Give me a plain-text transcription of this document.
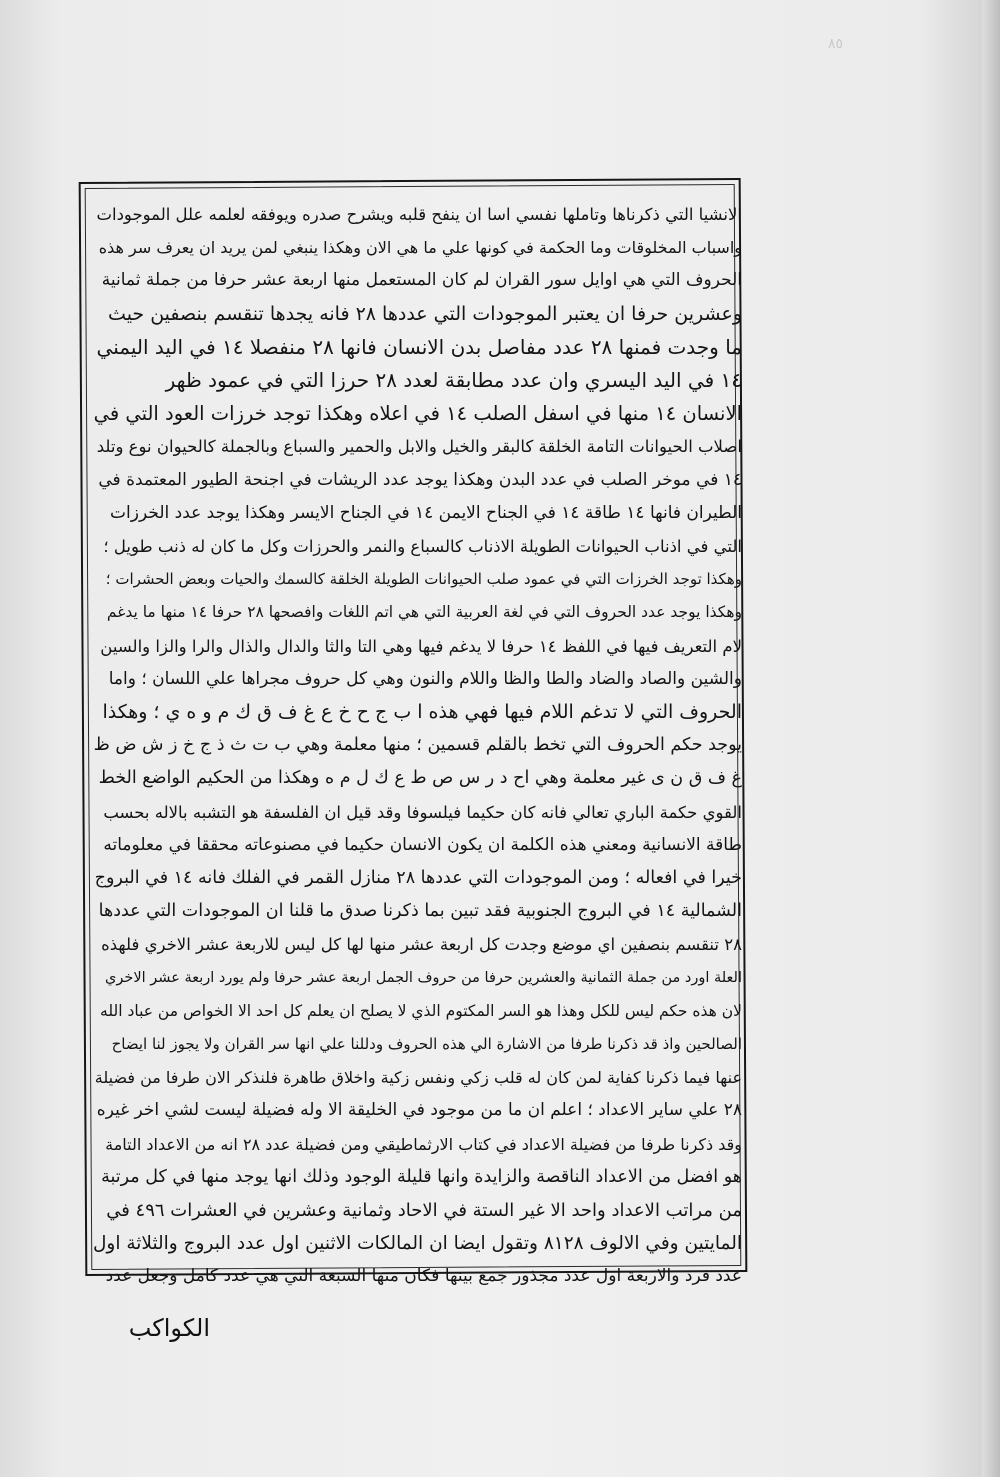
٨٥
الانشيا التي ذكرناها وتاملها نفسي اسا ان ينفح قلبه ويشرح صدره ويوفقه لعلمه علل الموجودات
واسباب المخلوقات وما الحكمة في كونها علي ما هي الان وهكذا ينبغي لمن يريد ان يعرف سر هذه
الحروف التي هي اوايل سور القران لم كان المستعمل منها اربعة عشر حرفا من جملة ثمانية
وعشرين حرفا ان يعتبر الموجودات التي عددها ٢٨ فانه يجدها تنقسم بنصفين حيث
ما وجدت فمنها ٢٨ عدد مفاصل بدن الانسان فانها ٢٨ منفصلا ١٤ في اليد اليمني
١٤ في اليد اليسري وان عدد مطابقة لعدد ٢٨ حرزا التي في عمود ظهر
الانسان ١٤ منها في اسفل الصلب ١٤ في اعلاه وهكذا توجد خرزات العود التي في
اصلاب الحيوانات التامة الخلقة كالبقر والخيل والابل والحمير والسباع وبالجملة كالحيوان نوع وتلد
١٤ في موخر الصلب في عدد البدن وهكذا يوجد عدد الريشات في اجنحة الطيور المعتمدة في
الطيران فانها ١٤ طاقة ١٤ في الجناح الايمن ١٤ في الجناح الايسر وهكذا يوجد عدد الخرزات
التي في اذناب الحيوانات الطويلة الاذناب كالسباع والنمر والحرزات وكل ما كان له ذنب طويل ؛
وهكذا توجد الخرزات التي في عمود صلب الحيوانات الطويلة الخلقة كالسمك والحيات وبعض الحشرات ؛
وهكذا يوجد عدد الحروف التي في لغة العربية التي هي اتم اللغات وافصحها ٢٨ حرفا ١٤ منها ما يدغم
لام التعريف فيها في اللفظ ١٤ حرفا لا يدغم فيها وهي التا والثا والدال والذال والرا والزا والسين
والشين والصاد والضاد والطا والظا واللام والنون وهي كل حروف مجراها علي اللسان ؛ واما
الحروف التي لا تدغم اللام فيها فهي هذه ا ب ج ح خ ع غ ف ق ك م و ه ي ؛ وهكذا
يوجد حكم الحروف التي تخط بالقلم قسمين ؛ منها معلمة وهي ب ت ث ذ ج خ ز ش ض ظ
غ ف ق ن ى غير معلمة وهي اح د ر س ص ط ع ك ل م ه وهكذا من الحكيم الواضع الخط
القوي حكمة الباري تعالي فانه كان حكيما فيلسوفا وقد قيل ان الفلسفة هو التشبه بالاله بحسب
طاقة الانسانية ومعني هذه الكلمة ان يكون الانسان حكيما في مصنوعاته محققا في معلوماته
خيرا في افعاله ؛ ومن الموجودات التي عددها ٢٨ منازل القمر في الفلك فانه ١٤ في البروج
الشمالية ١٤ في البروج الجنوبية فقد تبين بما ذكرنا صدق ما قلنا ان الموجودات التي عددها
٢٨ تنقسم بنصفين اي موضع وجدت كل اربعة عشر منها لها كل ليس للاربعة عشر الاخري فلهذه
العلة اورد من جملة الثمانية والعشرين حرفا من حروف الجمل اربعة عشر حرفا ولم يورد اربعة عشر الاخري
لان هذه حكم ليس للكل وهذا هو السر المكتوم الذي لا يصلح ان يعلم كل احد الا الخواص من عباد الله
الصالحين واذ قد ذكرنا طرفا من الاشارة الي هذه الحروف ودللنا علي انها سر القران ولا يجوز لنا ايضاح
عنها فيما ذكرنا كفاية لمن كان له قلب زكي ونفس زكية واخلاق طاهرة فلنذكر الان طرفا من فضيلة
٢٨ علي ساير الاعداد ؛ اعلم ان ما من موجود في الخليقة الا وله فضيلة ليست لشي اخر غيره
وقد ذكرنا طرفا من فضيلة الاعداد في كتاب الارثماطيقي ومن فضيلة عدد ٢٨ انه من الاعداد التامة
هو افضل من الاعداد الناقصة والزايدة وانها قليلة الوجود وذلك انها يوجد منها في كل مرتبة
من مراتب الاعداد واحد الا غير الستة في الاحاد وثمانية وعشرين في العشرات ٤٩٦ في
المايتين وفي الالوف ٨١٢٨ وتقول ايضا ان المالكات الاثنين اول عدد البروج والثلاثة اول
عدد فرد والاربعة اول عدد مجذور جمع بينها فكان منها السبعة التي هي عدد كامل وجعل عدد
الكواكب
